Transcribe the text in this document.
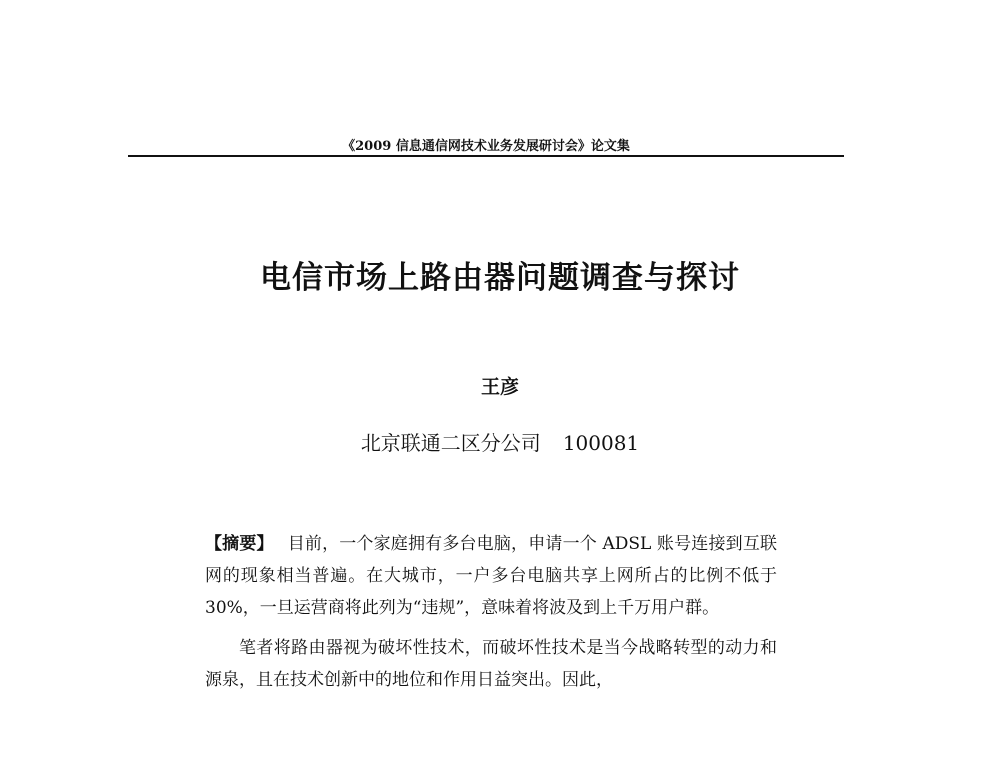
《2009 信息通信网技术业务发展研讨会》论文集
电信市场上路由器问题调查与探讨
王彦
北京联通二区分公司 100081

【摘要】 目前，一个家庭拥有多台电脑，申请一个 ADSL 账号连接到互联网的现象相当普遍。在大城市，一户多台电脑共享上网所占的比例不低于 30%，一旦运营商将此列为“违规”，意味着将波及到上千万用户群。

笔者将路由器视为破坏性技术，而破坏性技术是当今战略转型的动力和源泉，且在技术创新中的地位和作用日益突出。因此，
